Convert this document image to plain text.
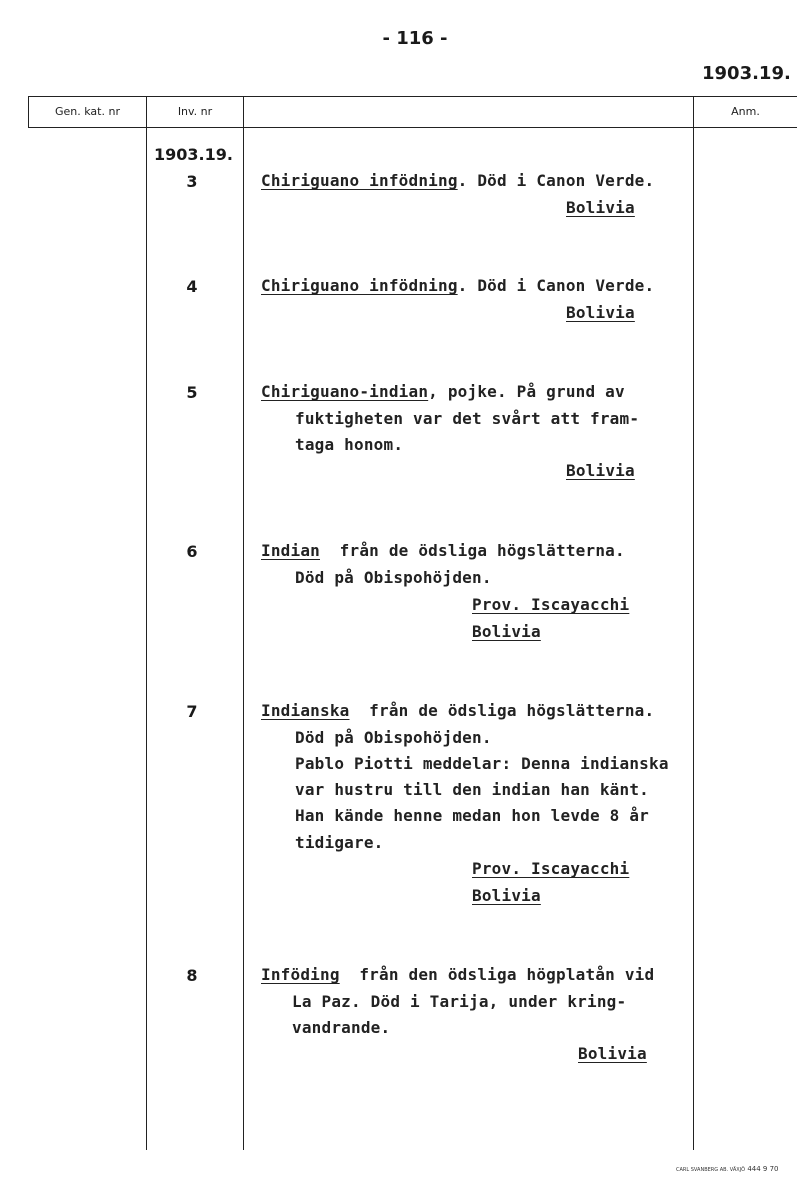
- 116 -
1903.19.
Gen. kat. nr	Inv. nr	Anm.
1903.19.
3	Chiriguano infödning. Död i Canon Verde.
Bolivia
4	Chiriguano infödning. Död i Canon Verde.
Bolivia
5	Chiriguano-indian, pojke. På grund av
fuktigheten var det svårt att fram-
taga honom.
Bolivia
6	Indian  från de ödsliga högslätterna.
Död på Obispohöjden.
Prov. Iscayacchi
Bolivia
7	Indianska  från de ödsliga högslätterna.
Död på Obispohöjden.
Pablo Piotti meddelar: Denna indianska
var hustru till den indian han känt.
Han kände henne medan hon levde 8 år
tidigare.
Prov. Iscayacchi
Bolivia
8	Inföding  från den ödsliga högplatån vid
La Paz. Död i Tarija, under kring-
vandrande.
Bolivia
CARL SVANBERG AB. VÄXJÖ 444 9 70
